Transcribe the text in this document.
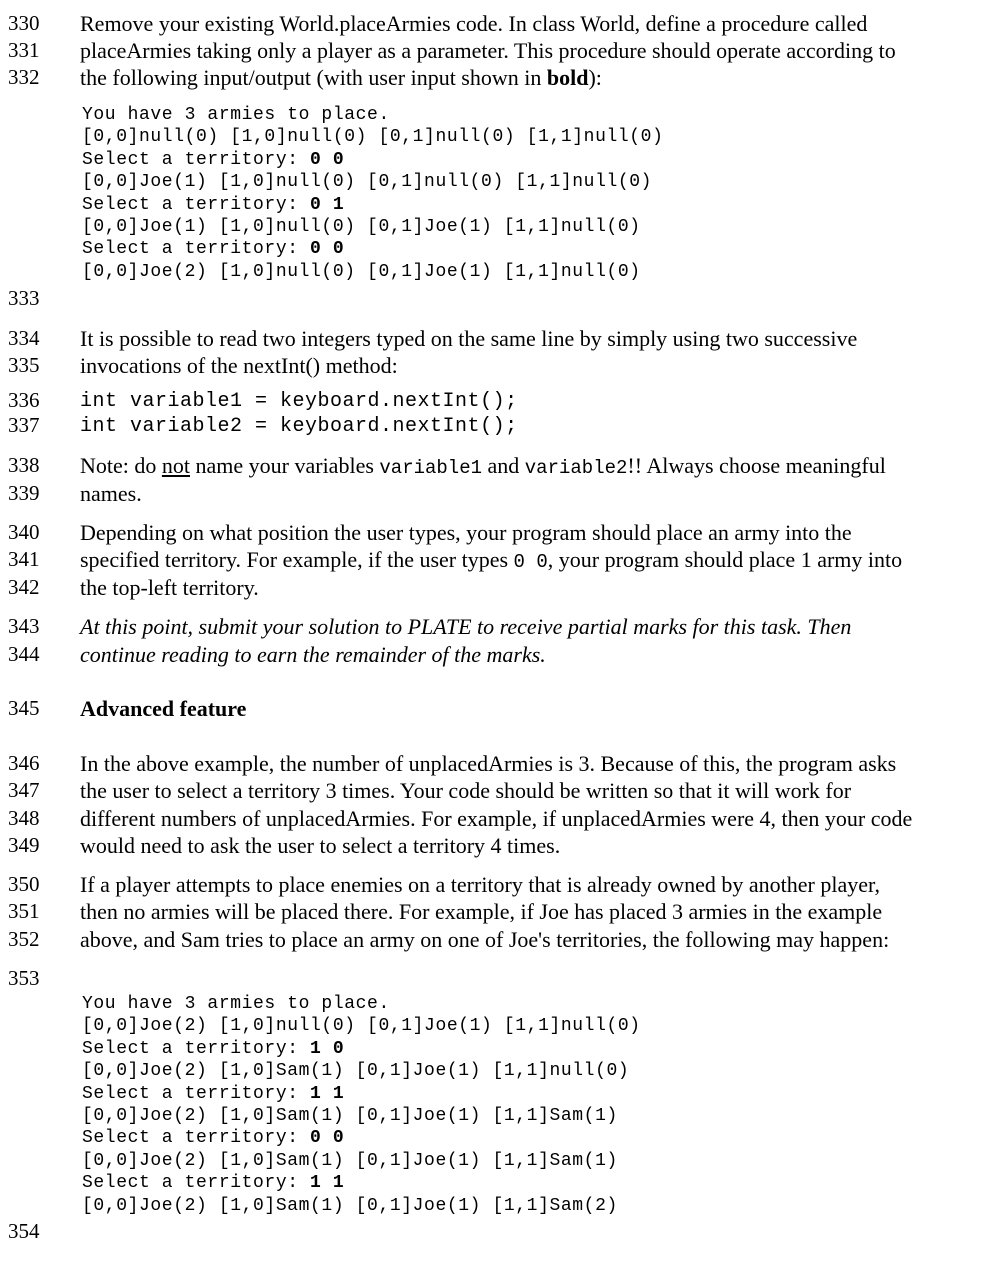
330
331
332
333
334
335
336
337
338
339
340
341
342
343
344
345
346
347
348
349
350
351
352
353
354
Remove your existing World.placeArmies code. In class World, define a procedure called
placeArmies taking only a player as a parameter. This procedure should operate according to
the following input/output (with user input shown in bold):
You have 3 armies to place.
[0,0]null(0) [1,0]null(0) [0,1]null(0) [1,1]null(0)
Select a territory: 0 0
[0,0]Joe(1) [1,0]null(0) [0,1]null(0) [1,1]null(0)
Select a territory: 0 1
[0,0]Joe(1) [1,0]null(0) [0,1]Joe(1) [1,1]null(0)
Select a territory: 0 0
[0,0]Joe(2) [1,0]null(0) [0,1]Joe(1) [1,1]null(0)
It is possible to read two integers typed on the same line by simply using two successive
invocations of the nextInt() method:
int variable1 = keyboard.nextInt();
int variable2 = keyboard.nextInt();
Note: do not name your variables variable1 and variable2!! Always choose meaningful
names.
Depending on what position the user types, your program should place an army into the
specified territory. For example, if the user types 0 0, your program should place 1 army into
the top-left territory.
At this point, submit your solution to PLATE to receive partial marks for this task. Then
continue reading to earn the remainder of the marks.
Advanced feature
In the above example, the number of unplacedArmies is 3. Because of this, the program asks
the user to select a territory 3 times. Your code should be written so that it will work for
different numbers of unplacedArmies. For example, if unplacedArmies were 4, then your code
would need to ask the user to select a territory 4 times.
If a player attempts to place enemies on a territory that is already owned by another player,
then no armies will be placed there. For example, if Joe has placed 3 armies in the example
above, and Sam tries to place an army on one of Joe's territories, the following may happen:
You have 3 armies to place.
[0,0]Joe(2) [1,0]null(0) [0,1]Joe(1) [1,1]null(0)
Select a territory: 1 0
[0,0]Joe(2) [1,0]Sam(1) [0,1]Joe(1) [1,1]null(0)
Select a territory: 1 1
[0,0]Joe(2) [1,0]Sam(1) [0,1]Joe(1) [1,1]Sam(1)
Select a territory: 0 0
[0,0]Joe(2) [1,0]Sam(1) [0,1]Joe(1) [1,1]Sam(1)
Select a territory: 1 1
[0,0]Joe(2) [1,0]Sam(1) [0,1]Joe(1) [1,1]Sam(2)
